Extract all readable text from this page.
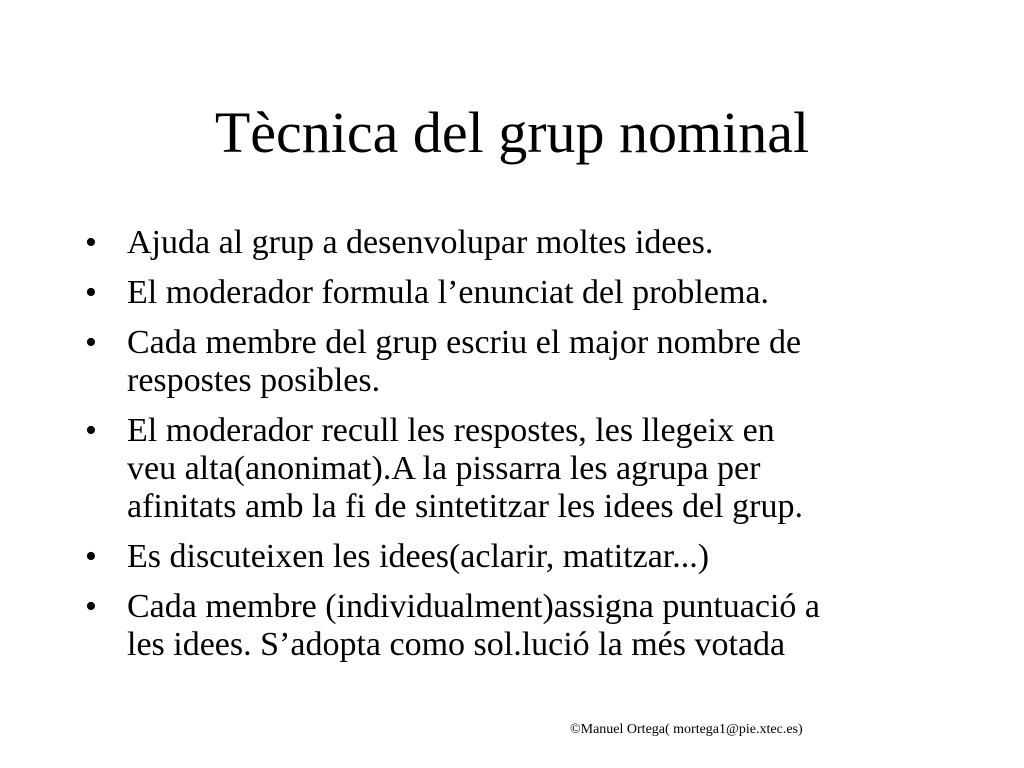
Tècnica del grup nominal
• Ajuda al grup a desenvolupar moltes idees.
• El moderador formula l’enunciat del problema.
• Cada membre del grup escriu el major nombre de
respostes posibles.
• El moderador recull les respostes, les llegeix en
veu alta(anonimat).A la pissarra les agrupa per
afinitats amb la fi de sintetitzar les idees del grup.
• Es discuteixen les idees(aclarir, matitzar...)
• Cada membre (individualment)assigna puntuació a
les idees. S’adopta como sol.lució la més votada
©Manuel Ortega( mortega1@pie.xtec.es)
